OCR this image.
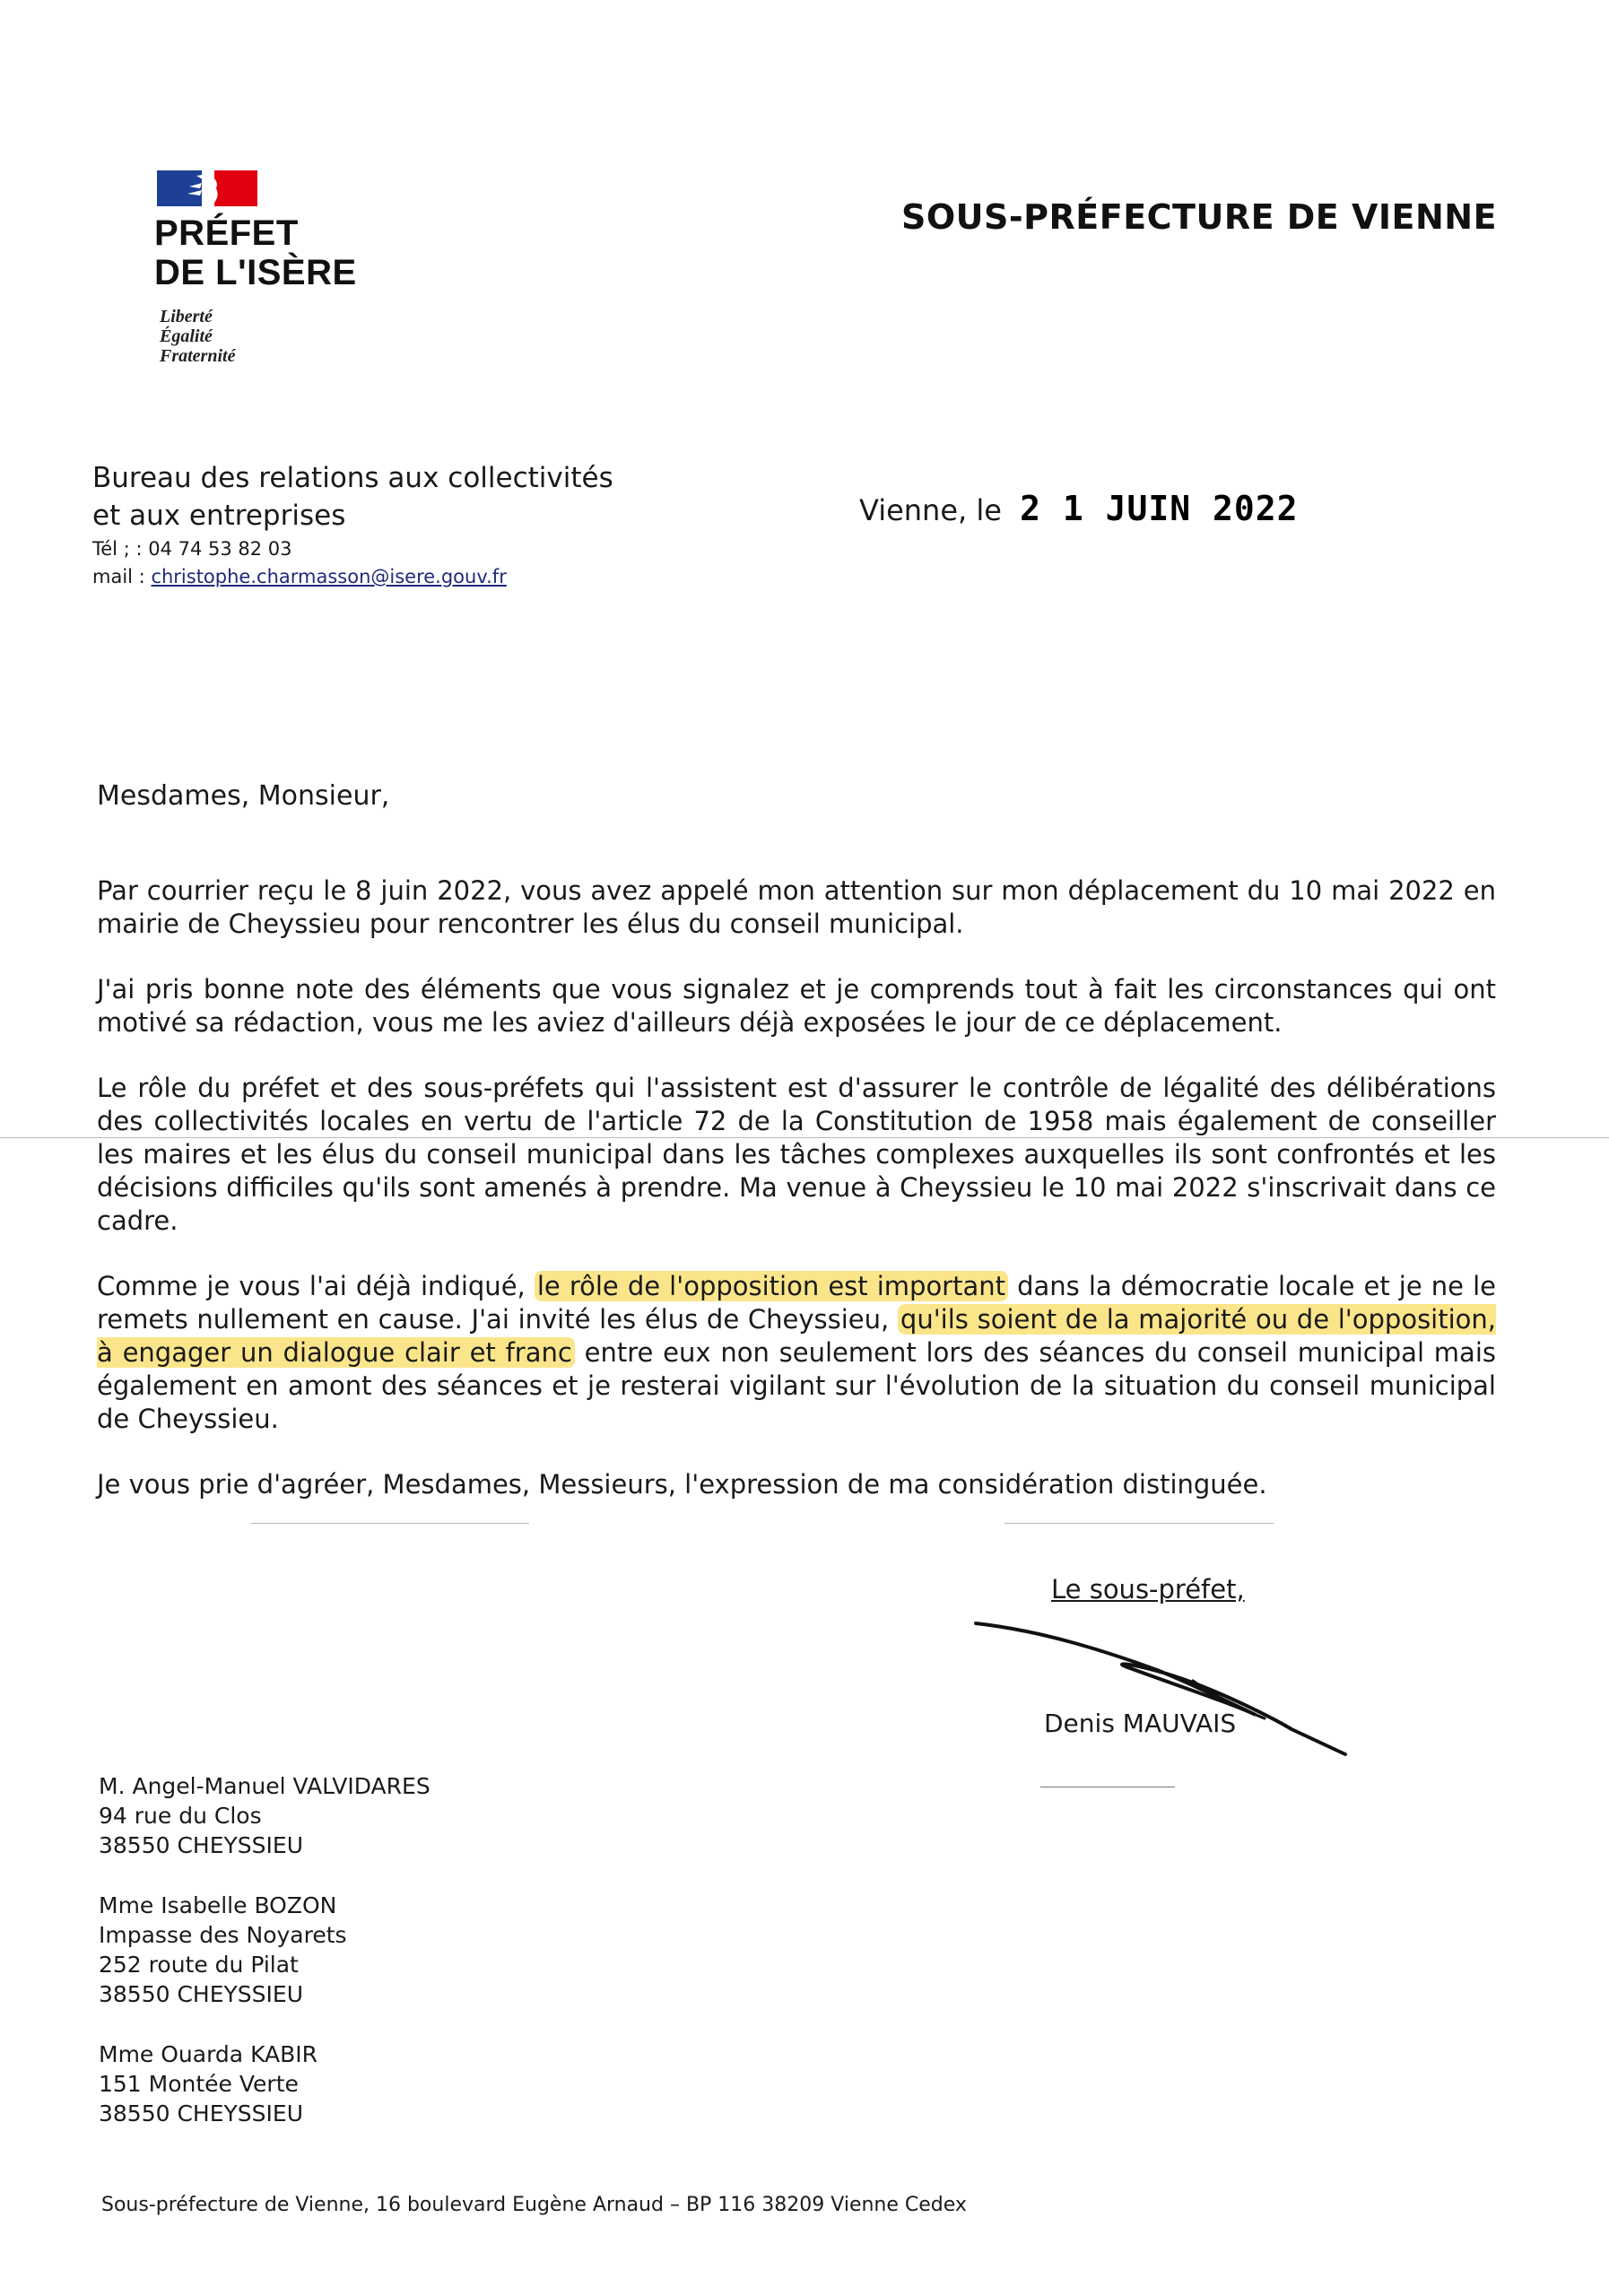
PRÉFET
DE L'ISÈRE
Liberté
Égalité
Fraternité
SOUS-PRÉFECTURE DE VIENNE
Bureau des relations aux collectivités
et aux entreprises
Tél ; : 04 74 53 82 03
mail : christophe.charmasson@isere.gouv.fr
Vienne, le 2 1 JUIN 2022
Mesdames, Monsieur,

Par courrier reçu le 8 juin 2022, vous avez appelé mon attention sur mon déplacement du 10 mai 2022 en mairie de Cheyssieu pour rencontrer les élus du conseil municipal.

J'ai pris bonne note des éléments que vous signalez et je comprends tout à fait les circonstances qui ont motivé sa rédaction, vous me les aviez d'ailleurs déjà exposées le jour de ce déplacement.

Le rôle du préfet et des sous-préfets qui l'assistent est d'assurer le contrôle de légalité des délibérations des collectivités locales en vertu de l'article 72 de la Constitution de 1958 mais également de conseiller les maires et les élus du conseil municipal dans les tâches complexes auxquelles ils sont confrontés et les décisions difficiles qu'ils sont amenés à prendre. Ma venue à Cheyssieu le 10 mai 2022 s'inscrivait dans ce cadre.

Comme je vous l'ai déjà indiqué, le rôle de l'opposition est important dans la démocratie locale et je ne le remets nullement en cause. J'ai invité les élus de Cheyssieu, qu'ils soient de la majorité ou de l'opposition, à engager un dialogue clair et franc entre eux non seulement lors des séances du conseil municipal mais également en amont des séances et je resterai vigilant sur l'évolution de la situation du conseil municipal de Cheyssieu.

Je vous prie d'agréer, Mesdames, Messieurs, l'expression de ma considération distinguée.

Le sous-préfet,
Denis MAUVAIS
M. Angel-Manuel VALVIDARES
94 rue du Clos
38550 CHEYSSIEU
Mme Isabelle BOZON
Impasse des Noyarets
252 route du Pilat
38550 CHEYSSIEU
Mme Ouarda KABIR
151 Montée Verte
38550 CHEYSSIEU
Sous-préfecture de Vienne, 16 boulevard Eugène Arnaud – BP 116 38209 Vienne Cedex
